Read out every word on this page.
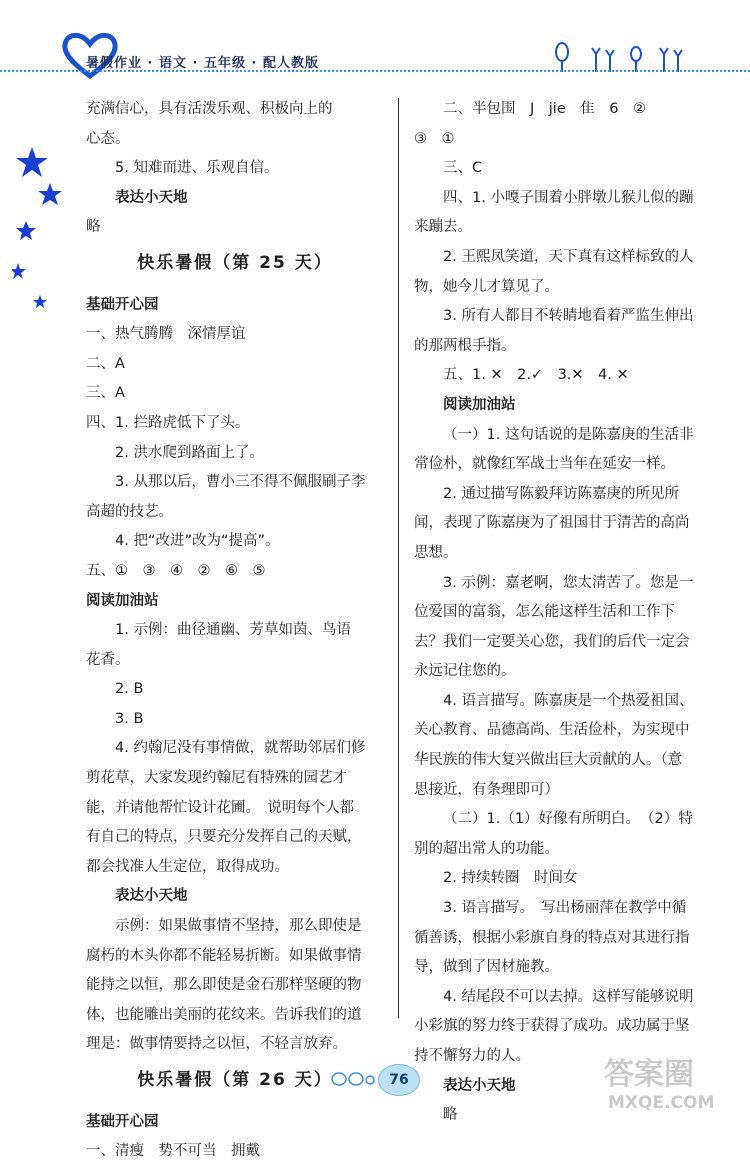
暑假作业 · 语文 · 五年级 · 配人教版

充满信心，具有活泼乐观、积极向上的

心态。

5. 知难而进、乐观自信。

表达小天地

略

快乐暑假（第 25 天）

基础开心园

一、热气腾腾　深情厚谊

二、A

三、A

四、1. 拦路虎低下了头。

2. 洪水爬到路面上了。

3. 从那以后，曹小三不得不佩服刷子李

高超的技艺。

4. 把“改进”改为“提高”。

五、①　③　④　②　⑥　⑤

阅读加油站

1. 示例：曲径通幽、芳草如茵、鸟语

花香。

2. B

3. B

4. 约翰尼没有事情做，就帮助邻居们修

剪花草，大家发现约翰尼有特殊的园艺才

能，并请他帮忙设计花圃。　说明每个人都

有自己的特点，只要充分发挥自己的天赋，

都会找准人生定位，取得成功。

表达小天地

示例：如果做事情不坚持，那么即使是

腐朽的木头你都不能轻易折断。如果做事情

能持之以恒，那么即使是金石那样坚硬的物

体，也能雕出美丽的花纹来。告诉我们的道

理是：做事情要持之以恒，不轻言放弃。

快乐暑假（第 26 天）

基础开心园

一、清瘦　势不可当　拥戴

二、半包围　J　jie　隹　6　②

③　①

三、C

四、1. 小嘎子围着小胖墩儿猴儿似的蹦

来蹦去。

2. 王熙凤笑道，天下真有这样标致的人

物，她今儿才算见了。

3. 所有人都目不转睛地看着严监生伸出

的那两根手指。

五、1. ✕　2.✓　3.✕　4. ✕

阅读加油站

（一）1. 这句话说的是陈嘉庚的生活非

常俭朴，就像红军战士当年在延安一样。

2. 通过描写陈毅拜访陈嘉庚的所见所

闻，表现了陈嘉庚为了祖国甘于清苦的高尚

思想。

3. 示例：嘉老啊，您太清苦了。您是一

位爱国的富翁，怎么能这样生活和工作下

去？我们一定要关心您，我们的后代一定会

永远记住您的。

4. 语言描写。陈嘉庚是一个热爱祖国、

关心教育、品德高尚、生活俭朴，为实现中

华民族的伟大复兴做出巨大贡献的人。（意

思接近，有条理即可）

（二）1.（1）好像有所明白。　（2）特

别的超出常人的功能。

2. 持续转圈　时间女

3. 语言描写。　写出杨丽萍在教学中循

循善诱，根据小彩旗自身的特点对其进行指

导，做到了因材施教。

4. 结尾段不可以去掉。这样写能够说明

小彩旗的努力终于获得了成功。成功属于坚

持不懈努力的人。

表达小天地

略

76	答案圈
MXQE.COM
